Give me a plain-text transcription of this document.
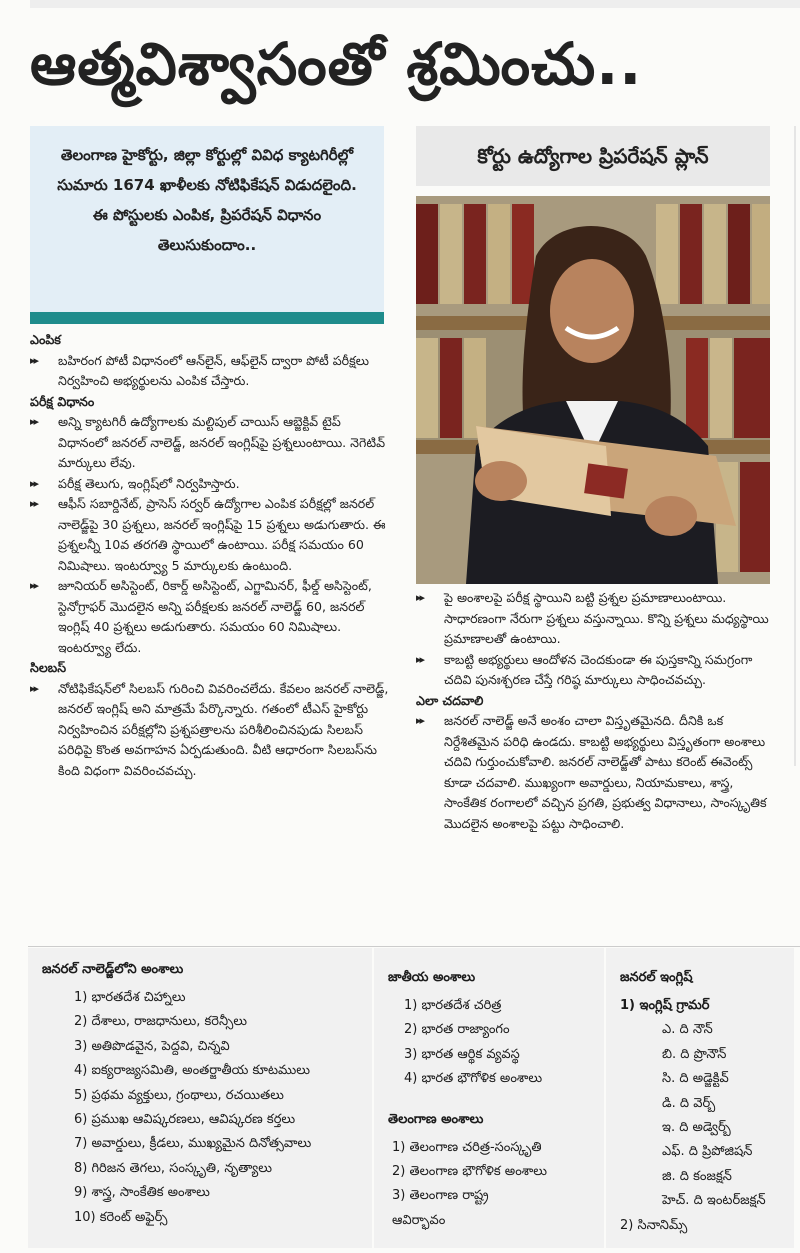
ఆత్మవిశ్వాసంతో శ్రమించు..

తెలంగాణ హైకోర్టు, జిల్లా కోర్టుల్లో వివిధ క్యాటగిరీల్లో సుమారు 1674 ఖాళీలకు నోటిఫికేషన్ విడుదలైంది. ఈ పోస్టులకు ఎంపిక, ప్రిపరేషన్ విధానం తెలుసుకుందాం..

కోర్టు ఉద్యోగాల ప్రిపరేషన్ ప్లాన్

ఎంపిక

▸▸ బహిరంగ పోటీ విధానంలో ఆన్‌లైన్, ఆఫ్‌లైన్ ద్వారా పోటీ పరీక్షలు నిర్వహించి అభ్యర్థులను ఎంపిక చేస్తారు.

పరీక్ష విధానం

▸▸ అన్ని క్యాటగిరీ ఉద్యోగాలకు మల్టిపుల్ చాయిస్ ఆబ్జెక్టివ్ టైప్ విధానంలో జనరల్ నాలెడ్జ్, జనరల్ ఇంగ్లిష్‌పై ప్రశ్నలుంటాయి. నెగెటివ్ మార్కులు లేవు.

▸▸ పరీక్ష తెలుగు, ఇంగ్లిష్‌లో నిర్వహిస్తారు.

▸▸ ఆఫీస్ సబార్డినేట్, ప్రాసెస్ సర్వర్ ఉద్యోగాల ఎంపిక పరీక్షల్లో జనరల్ నాలెడ్జ్‌పై 30 ప్రశ్నలు, జనరల్ ఇంగ్లిష్‌పై 15 ప్రశ్నలు అడుగుతారు. ఈ ప్రశ్నలన్నీ 10వ తరగతి స్థాయిలో ఉంటాయి. పరీక్ష సమయం 60 నిమిషాలు. ఇంటర్వ్యూ 5 మార్కులకు ఉంటుంది.

▸▸ జూనియర్ అసిస్టెంట్, రికార్డ్ అసిస్టెంట్, ఎగ్జామినర్, ఫీల్డ్ అసిస్టెంట్, స్టెనోగ్రాఫర్ మొదలైన అన్ని పరీక్షలకు జనరల్ నాలెడ్జ్ 60, జనరల్ ఇంగ్లిష్ 40 ప్రశ్నలు అడుగుతారు. సమయం 60 నిమిషాలు.

ఇంటర్వ్యూ లేదు.

సిలబస్

▸▸ నోటిఫికేషన్‌లో సిలబస్ గురించి వివరించలేదు. కేవలం జనరల్ నాలెడ్జ్, జనరల్ ఇంగ్లిష్ అని మాత్రమే పేర్కొన్నారు. గతంలో టీఎస్ హైకోర్టు నిర్వహించిన పరీక్షల్లోని ప్రశ్నపత్రాలను పరిశీలించినపుడు సిలబస్ పరిధిపై కొంత అవగాహన ఏర్పడుతుంది. వీటి ఆధారంగా సిలబస్‌ను కింది విధంగా వివరించవచ్చు.

▸▸ పై అంశాలపై పరీక్ష స్థాయిని బట్టి ప్రశ్నల ప్రమాణాలుంటాయి. సాధారణంగా నేరుగా ప్రశ్నలు వస్తున్నాయి. కొన్ని ప్రశ్నలు మధ్యస్థాయి ప్రమాణాలతో ఉంటాయి.

▸▸ కాబట్టి అభ్యర్థులు ఆందోళన చెందకుండా ఈ పుస్తకాన్ని సమగ్రంగా చదివి పునఃశ్చరణ చేస్తే గరిష్ఠ మార్కులు సాధించవచ్చు.

ఎలా చదవాలి

▸▸ జనరల్ నాలెడ్జ్ అనే అంశం చాలా విస్తృతమైనది. దీనికి ఒక నిర్దేశితమైన పరిధి ఉండదు. కాబట్టి అభ్యర్థులు విస్తృతంగా అంశాలు చదివి గుర్తుంచుకోవాలి. జనరల్ నాలెడ్జ్‌తో పాటు కరెంట్ ఈవెంట్స్ కూడా చదవాలి. ముఖ్యంగా అవార్డులు, నియామకాలు, శాస్త్ర, సాంకేతిక రంగాలలో వచ్చిన ప్రగతి, ప్రభుత్వ విధానాలు, సాంస్కృతిక మొదలైన అంశాలపై పట్టు సాధించాలి.

జనరల్ నాలెడ్జ్‌లోని అంశాలు

1) భారతదేశ చిహ్నాలు
2) దేశాలు, రాజధానులు, కరెన్సీలు
3) అతిపొడవైన, పెద్దవి, చిన్నవి
4) ఐక్యరాజ్యసమితి, అంతర్జాతీయ కూటములు
5) ప్రథమ వ్యక్తులు, గ్రంథాలు, రచయితలు
6) ప్రముఖ ఆవిష్కరణలు, ఆవిష్కరణ కర్తలు
7) అవార్డులు, క్రీడలు, ముఖ్యమైన దినోత్సవాలు
8) గిరిజన తెగలు, సంస్కృతి, నృత్యాలు
9) శాస్త్ర, సాంకేతిక అంశాలు
10) కరెంట్ అఫైర్స్

జాతీయ అంశాలు

1) భారతదేశ చరిత్ర
2) భారత రాజ్యాంగం
3) భారత ఆర్థిక వ్యవస్థ
4) భారత భౌగోళిక అంశాలు

తెలంగాణ అంశాలు

1) తెలంగాణ చరిత్ర-సంస్కృతి
2) తెలంగాణ భౌగోళిక అంశాలు
3) తెలంగాణ రాష్ట్ర
ఆవిర్భావం

జనరల్ ఇంగ్లిష్

1) ఇంగ్లిష్ గ్రామర్
ఎ. ది నౌన్
బి. ది ప్రొనౌన్
సి. ది అడ్జెక్టివ్
డి. ది వెర్బ్
ఇ. ది అడ్వెర్బ్
ఎఫ్. ది ప్రిపోజిషన్
జి. ది కంజక్షన్
హెచ్. ది ఇంటర్‌జక్షన్
2) సినానిమ్స్
